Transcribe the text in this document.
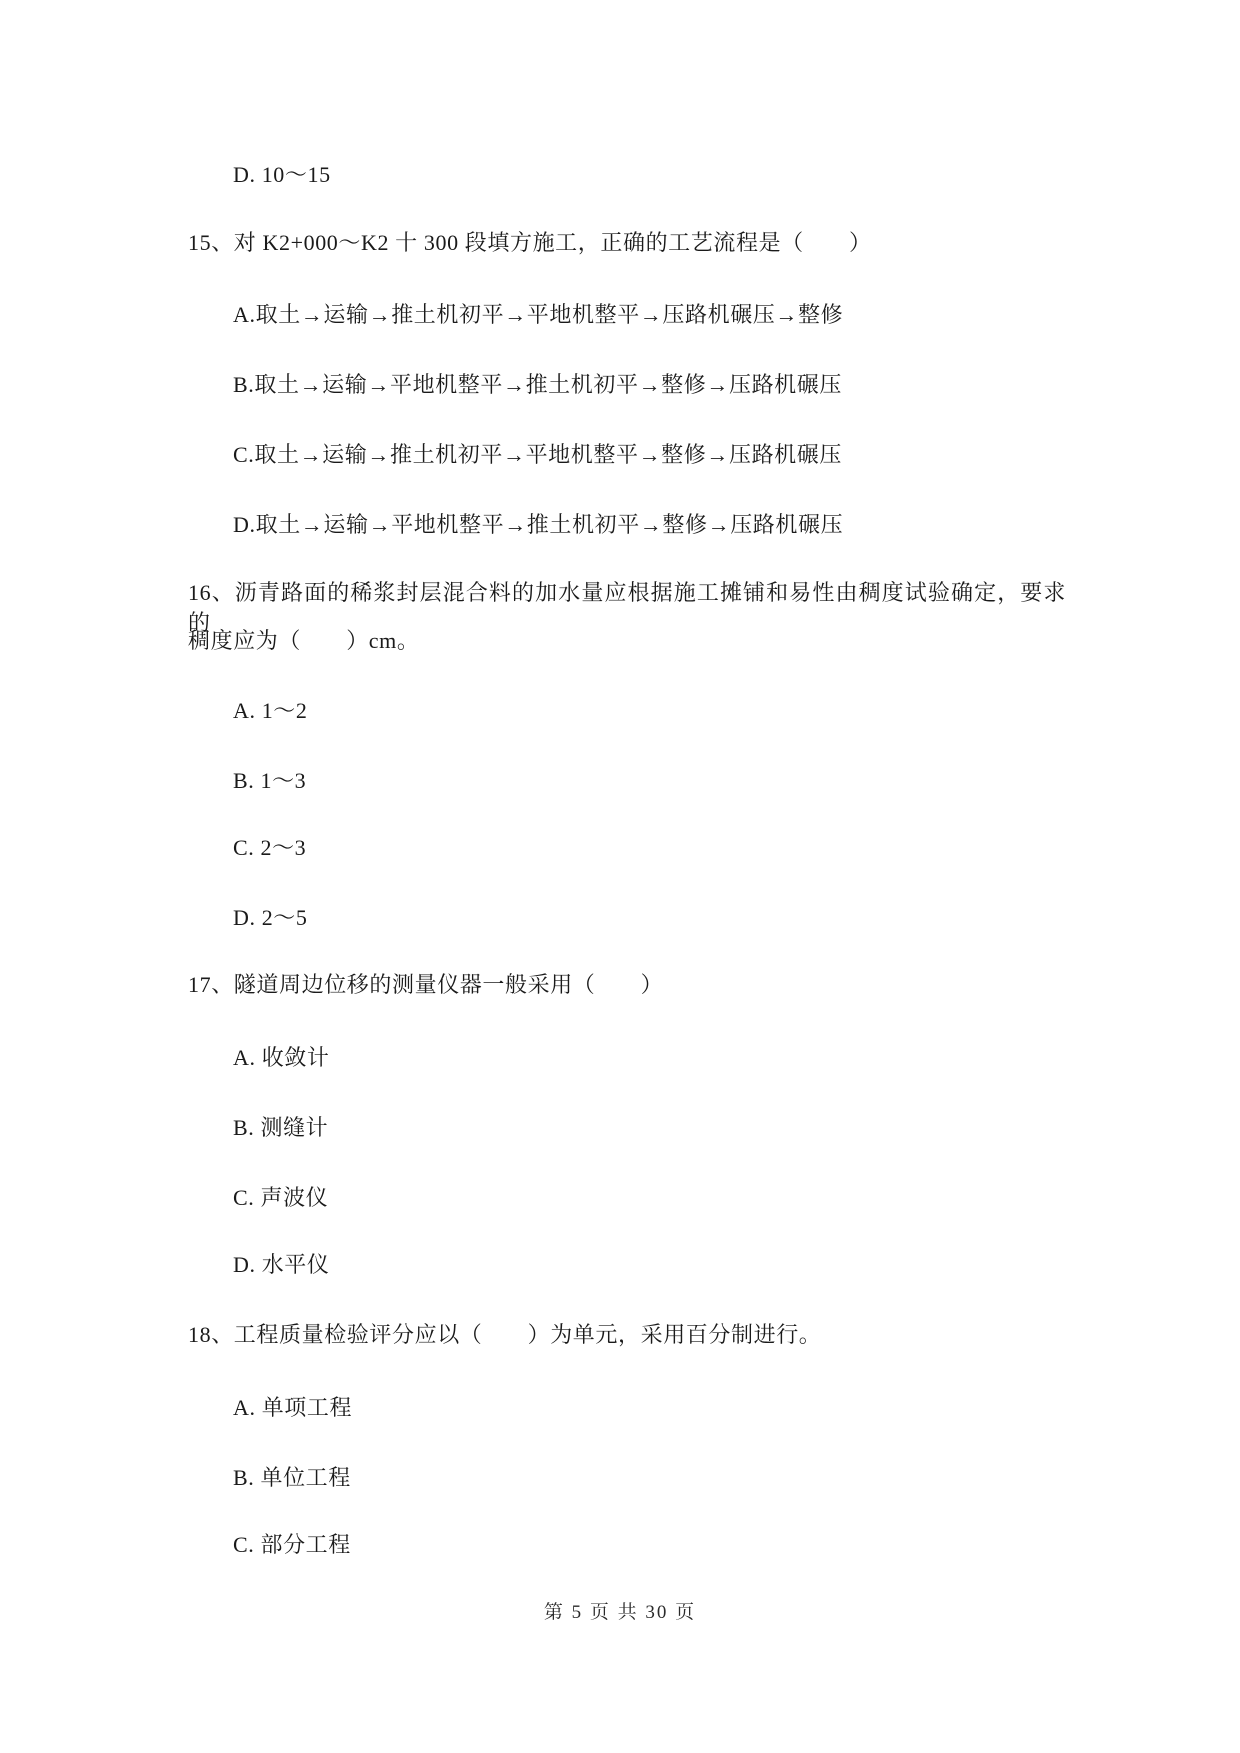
D. 10～15
15、对 K2+000～K2 十 300 段填方施工，正确的工艺流程是（　　）
A.取土→运输→推土机初平→平地机整平→压路机碾压→整修
B.取土→运输→平地机整平→推土机初平→整修→压路机碾压
C.取土→运输→推土机初平→平地机整平→整修→压路机碾压
D.取土→运输→平地机整平→推土机初平→整修→压路机碾压
16、沥青路面的稀浆封层混合料的加水量应根据施工摊铺和易性由稠度试验确定，要求的
稠度应为（　　）cm。
A. 1～2
B. 1～3
C. 2～3
D. 2～5
17、隧道周边位移的测量仪器一般采用（　　）
A. 收敛计
B. 测缝计
C. 声波仪
D. 水平仪
18、工程质量检验评分应以（　　）为单元，采用百分制进行。
A. 单项工程
B. 单位工程
C. 部分工程
第 5 页 共 30 页
